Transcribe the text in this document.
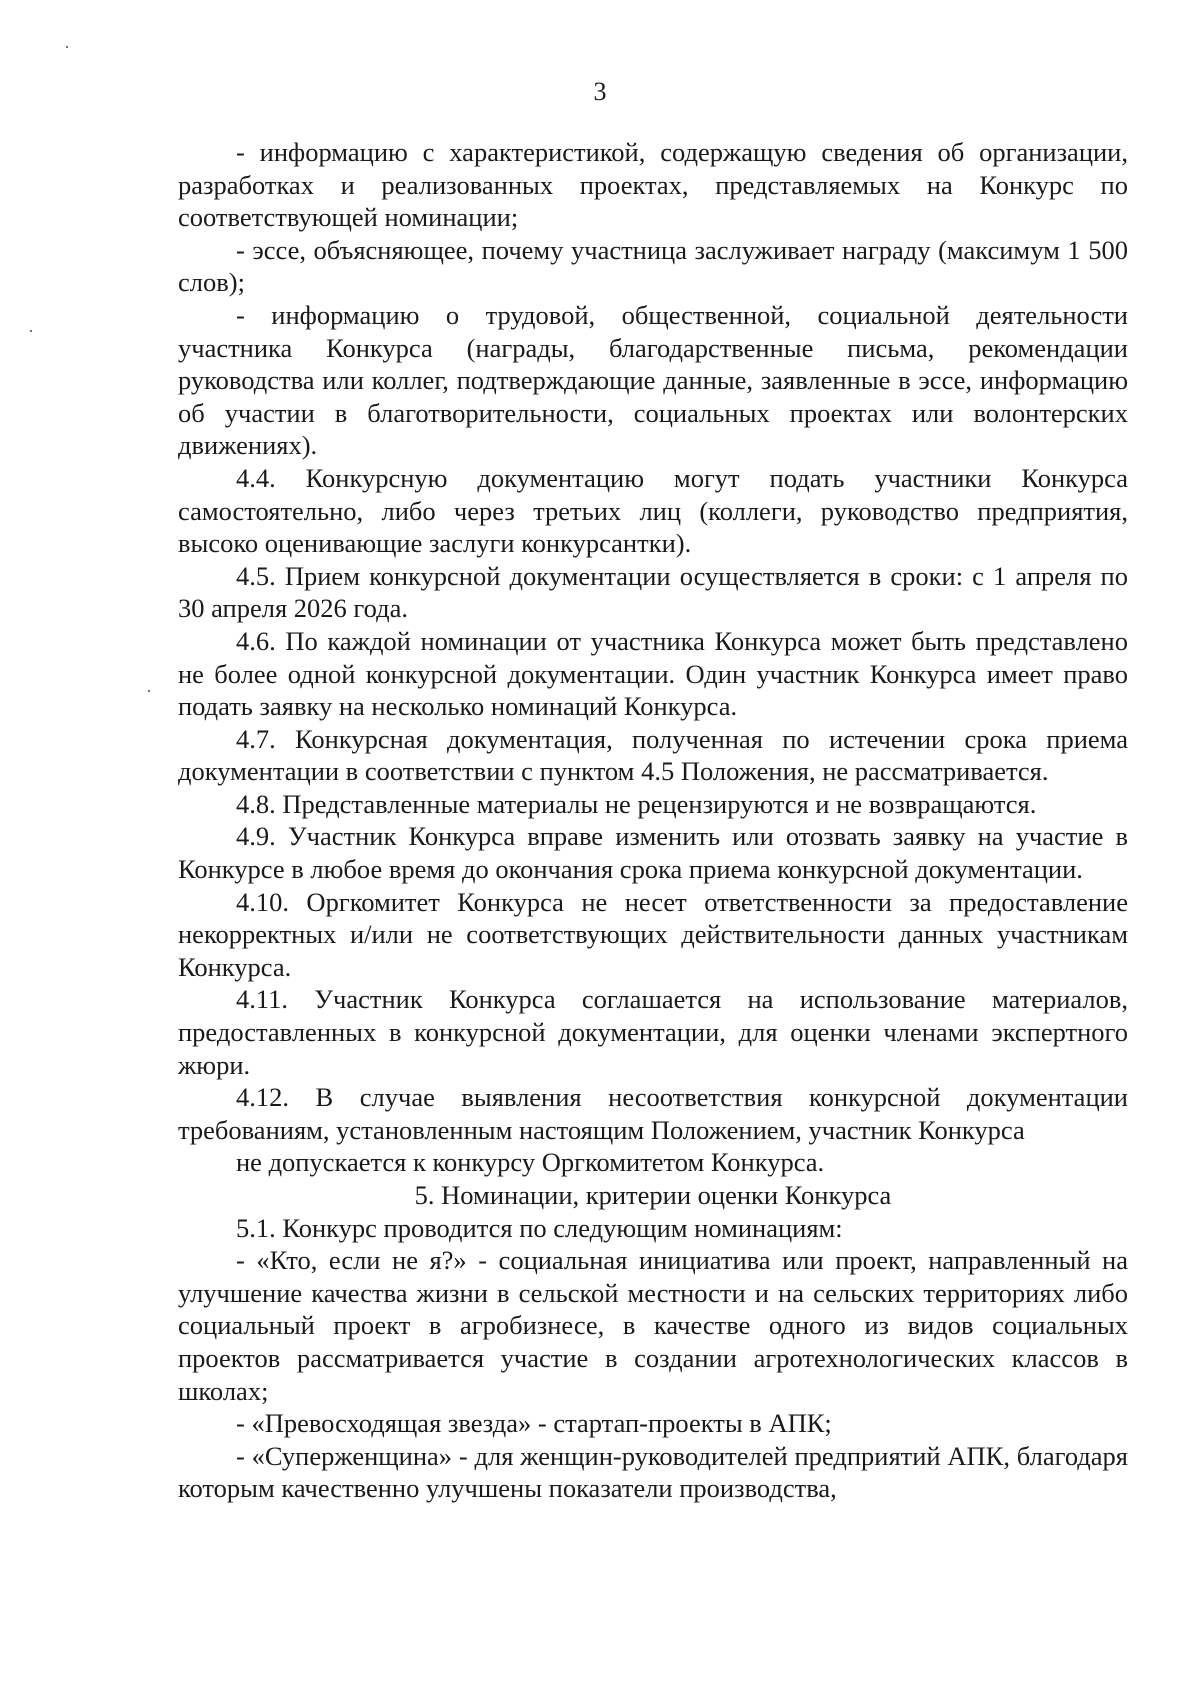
3

- информацию с характеристикой, содержащую сведения об организации, разработках и реализованных проектах, представляемых на Конкурс по соответствующей номинации;

- эссе, объясняющее, почему участница заслуживает награду (максимум 1 500 слов);

- информацию о трудовой, общественной, социальной деятельности участника Конкурса (награды, благодарственные письма, рекомендации руководства или коллег, подтверждающие данные, заявленные в эссе, информацию об участии в благотворительности, социальных проектах или волонтерских движениях).

4.4. Конкурсную документацию могут подать участники Конкурса самостоятельно, либо через третьих лиц (коллеги, руководство предприятия, высоко оценивающие заслуги конкурсантки).

4.5. Прием конкурсной документации осуществляется в сроки: с 1 апреля по 30 апреля 2026 года.

4.6. По каждой номинации от участника Конкурса может быть представлено не более одной конкурсной документации. Один участник Конкурса имеет право подать заявку на несколько номинаций Конкурса.

4.7. Конкурсная документация, полученная по истечении срока приема документации в соответствии с пунктом 4.5 Положения, не рассматривается.

4.8. Представленные материалы не рецензируются и не возвращаются.

4.9. Участник Конкурса вправе изменить или отозвать заявку на участие в Конкурсе в любое время до окончания срока приема конкурсной документации.

4.10. Оргкомитет Конкурса не несет ответственности за предоставление некорректных и/или не соответствующих действительности данных участникам Конкурса.

4.11. Участник Конкурса соглашается на использование материалов, предоставленных в конкурсной документации, для оценки членами экспертного жюри.

4.12. В случае выявления несоответствия конкурсной документации требованиям, установленным настоящим Положением, участник Конкурса

не допускается к конкурсу Оргкомитетом Конкурса.

5. Номинации, критерии оценки Конкурса

5.1. Конкурс проводится по следующим номинациям:

- «Кто, если не я?» - социальная инициатива или проект, направленный на улучшение качества жизни в сельской местности и на сельских территориях либо социальный проект в агробизнесе, в качестве одного из видов социальных проектов рассматривается участие в создании агротехнологических классов в школах;

- «Превосходящая звезда» - стартап-проекты в АПК;

- «Суперженщина» - для женщин-руководителей предприятий АПК, благодаря которым качественно улучшены показатели производства,
